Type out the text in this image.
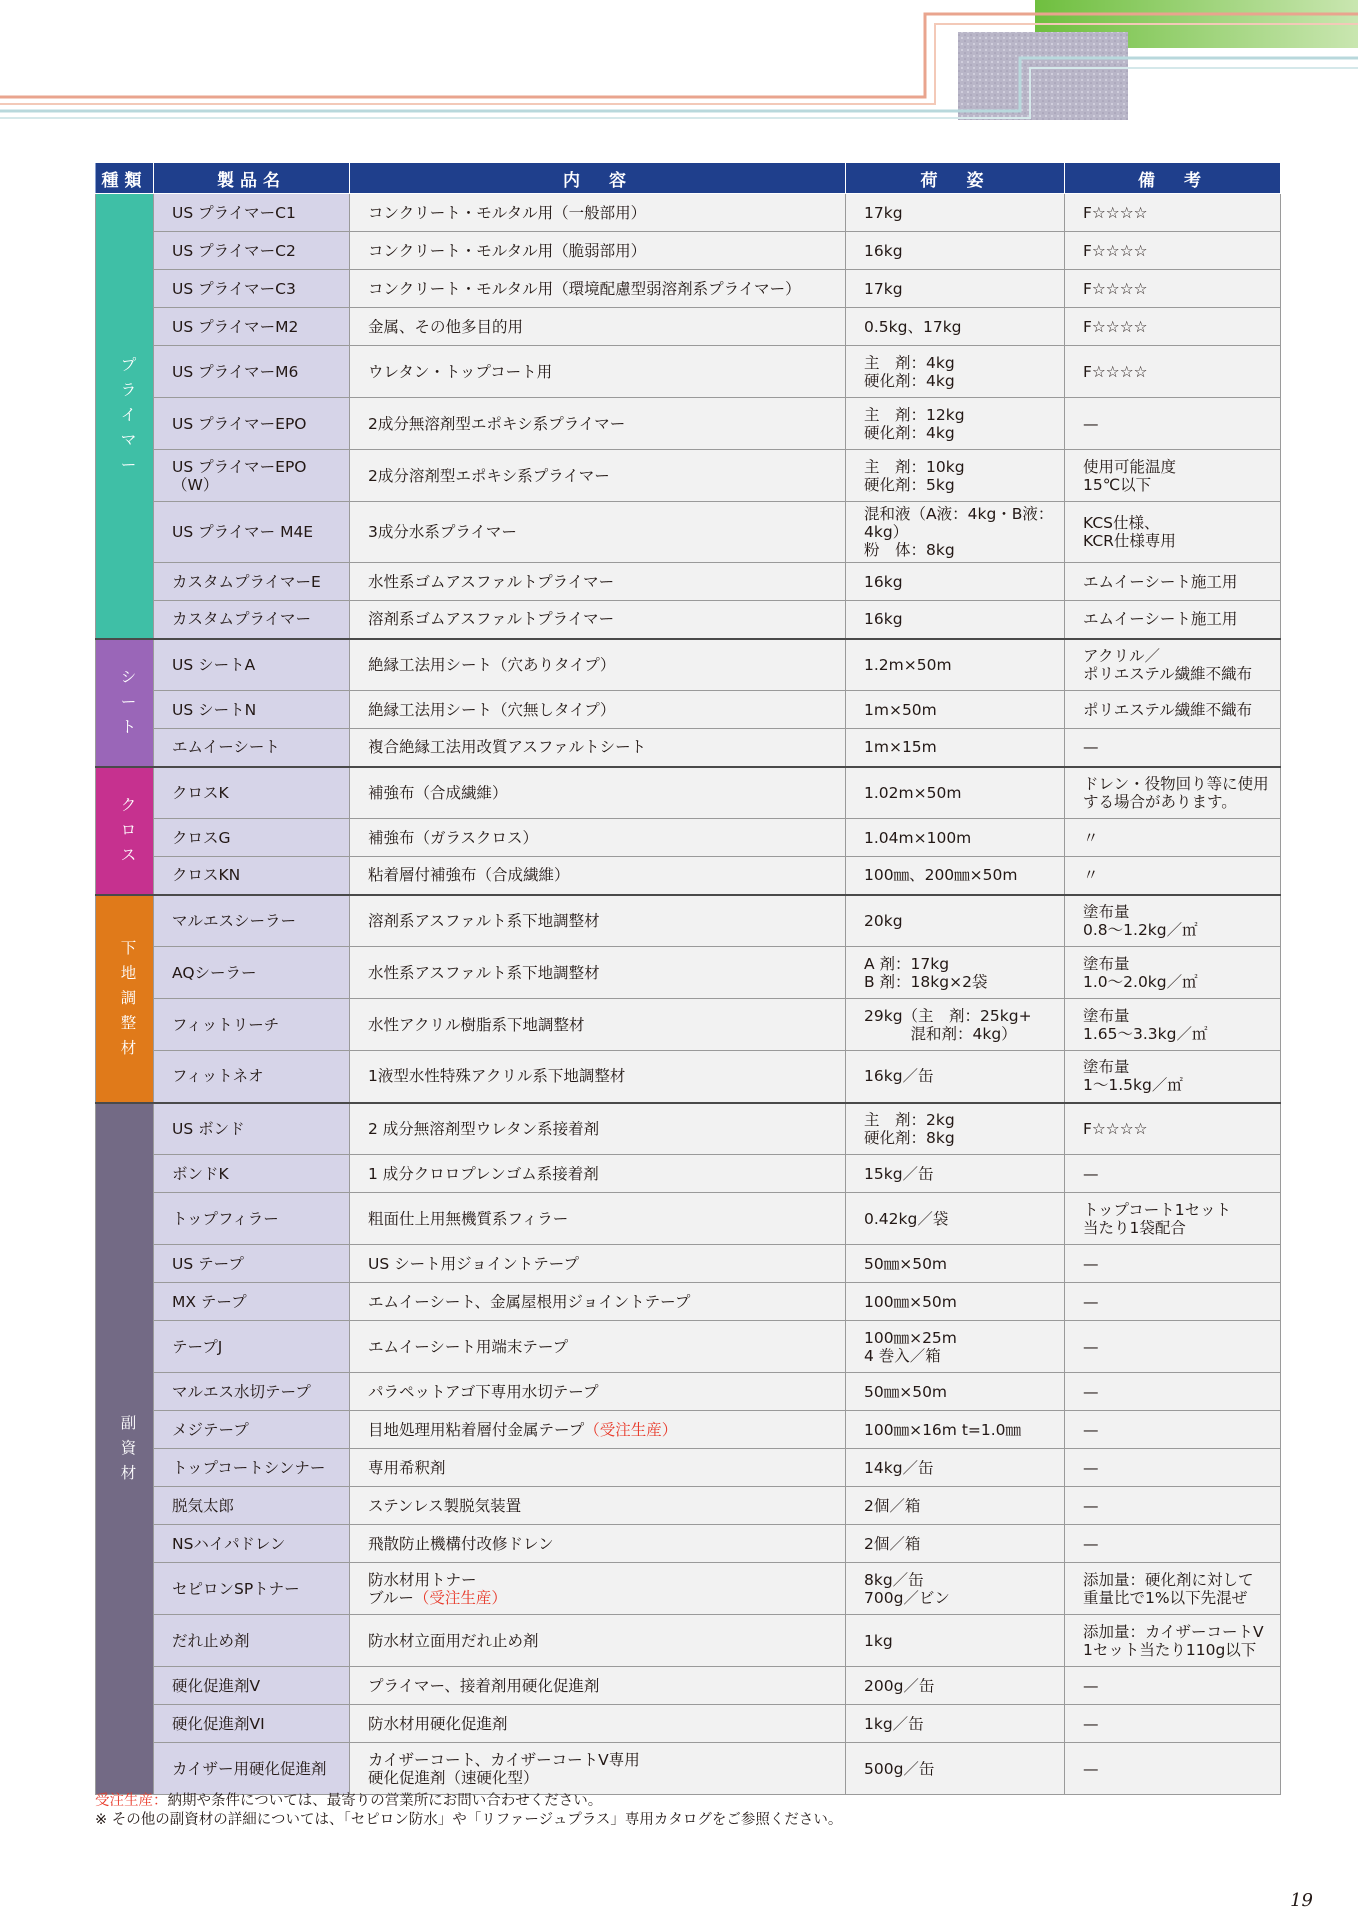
種類	製品名	内　容	荷　姿	備　考
プライマー	US プライマーC1	コンクリート・モルタル用（一般部用）	17kg	F☆☆☆☆
	US プライマーC2	コンクリート・モルタル用（脆弱部用）	16kg	F☆☆☆☆
	US プライマーC3	コンクリート・モルタル用（環境配慮型弱溶剤系プライマー）	17kg	F☆☆☆☆
	US プライマーM2	金属、その他多目的用	0.5kg、17kg	F☆☆☆☆
	US プライマーM6	ウレタン・トップコート用	主　剤：4kg
硬化剤：4kg	F☆☆☆☆
	US プライマーEPO	2成分無溶剤型エポキシ系プライマー	主　剤：12kg
硬化剤：4kg	—
	US プライマーEPO（W）	2成分溶剤型エポキシ系プライマー	主　剤：10kg
硬化剤：5kg	使用可能温度
15℃以下
	US プライマー M4E	3成分水系プライマー	混和液（A液：4kg・B液：4kg）
粉　体：8kg	KCS仕様、
KCR仕様専用
	カスタムプライマーE	水性系ゴムアスファルトプライマー	16kg	エムイーシート施工用
	カスタムプライマー	溶剤系ゴムアスファルトプライマー	16kg	エムイーシート施工用
シート	US シートA	絶縁工法用シート（穴ありタイプ）	1.2m×50m	アクリル／
ポリエステル繊維不織布
	US シートN	絶縁工法用シート（穴無しタイプ）	1m×50m	ポリエステル繊維不織布
	エムイーシート	複合絶縁工法用改質アスファルトシート	1m×15m	—
クロス	クロスK	補強布（合成繊維）	1.02m×50m	ドレン・役物回り等に使用
する場合があります。
	クロスG	補強布（ガラスクロス）	1.04m×100m	〃
	クロスKN	粘着層付補強布（合成繊維）	100㎜、200㎜×50m	〃
下地調整材	マルエスシーラー	溶剤系アスファルト系下地調整材	20kg	塗布量
0.8〜1.2kg／㎡
	AQシーラー	水性系アスファルト系下地調整材	A 剤：17kg
B 剤：18kg×2袋	塗布量
1.0〜2.0kg／㎡
	フィットリーチ	水性アクリル樹脂系下地調整材	29kg（主　剤：25kg+
　　　混和剤：4kg）	塗布量
1.65〜3.3kg／㎡
	フィットネオ	1液型水性特殊アクリル系下地調整材	16kg／缶	塗布量
1〜1.5kg／㎡
副資材	US ボンド	2 成分無溶剤型ウレタン系接着剤	主　剤：2kg
硬化剤：8kg	F☆☆☆☆
	ボンドK	1 成分クロロプレンゴム系接着剤	15kg／缶	—
	トップフィラー	粗面仕上用無機質系フィラー	0.42kg／袋	トップコート1セット
当たり1袋配合
	US テープ	US シート用ジョイントテープ	50㎜×50m	—
	MX テープ	エムイーシート、金属屋根用ジョイントテープ	100㎜×50m	—
	テープJ	エムイーシート用端末テープ	100㎜×25m
4 巻入／箱	—
	マルエス水切テープ	パラペットアゴ下専用水切テープ	50㎜×50m	—
	メジテープ	目地処理用粘着層付金属テープ（受注生産）	100㎜×16m t=1.0㎜	—
	トップコートシンナー	専用希釈剤	14kg／缶	—
	脱気太郎	ステンレス製脱気装置	2個／箱	—
	NSハイパドレン	飛散防止機構付改修ドレン	2個／箱	—
	セピロンSPトナー	防水材用トナー
ブルー（受注生産）	8kg／缶
700g／ビン	添加量：硬化剤に対して
重量比で1%以下先混ぜ
	だれ止め剤	防水材立面用だれ止め剤	1kg	添加量：カイザーコートV
1セット当たり110g以下
	硬化促進剤V	プライマー、接着剤用硬化促進剤	200g／缶	—
	硬化促進剤VI	防水材用硬化促進剤	1kg／缶	—
	カイザー用硬化促進剤	カイザーコート、カイザーコートV専用
硬化促進剤（速硬化型）	500g／缶	—
受注生産：納期や条件については、最寄りの営業所にお問い合わせください。
※ その他の副資材の詳細については、「セピロン防水」や「リファージュプラス」専用カタログをご参照ください。
19
